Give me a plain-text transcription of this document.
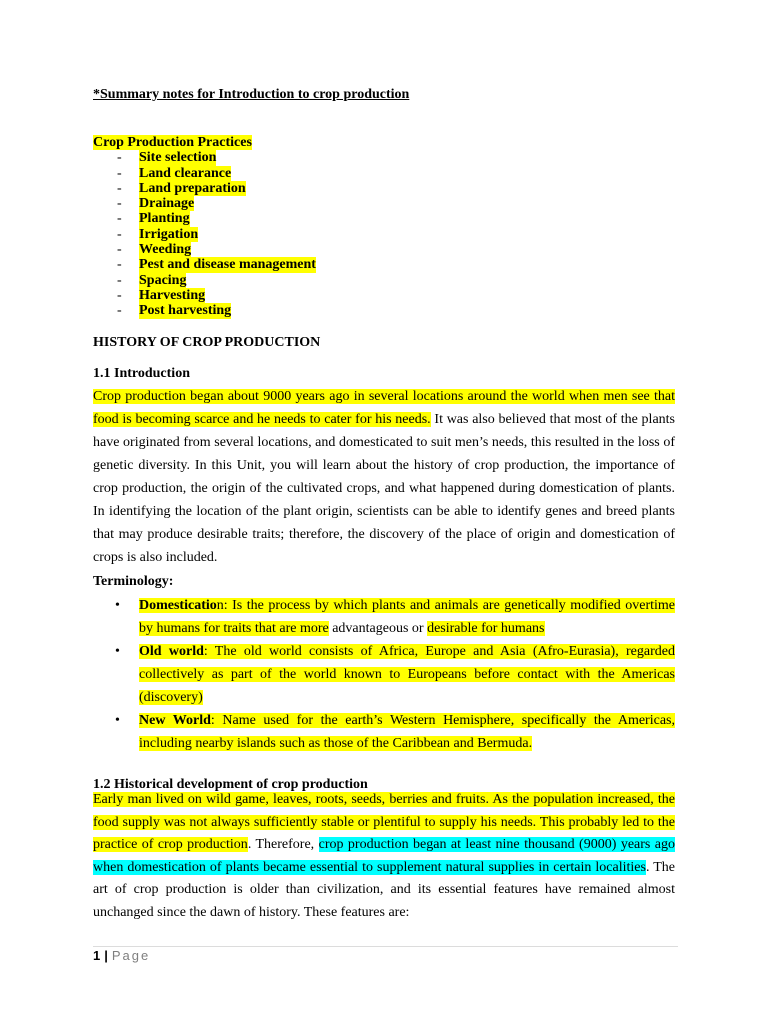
*Summary notes for Introduction to crop production
Crop Production Practices
-	Site selection
-	Land clearance
-	Land preparation
-	Drainage
-	Planting
-	Irrigation
-	Weeding
-	Pest and disease management
-	Spacing
-	Harvesting
-	Post harvesting
HISTORY OF CROP PRODUCTION
1.1 Introduction
Crop production began about 9000 years ago in several locations around the world when men see that food is becoming scarce and he needs to cater for his needs. It was also believed that most of the plants have originated from several locations, and domesticated to suit men’s needs, this resulted in the loss of genetic diversity. In this Unit, you will learn about the history of crop production, the importance of crop production, the origin of the cultivated crops, and what happened during domestication of plants. In identifying the location of the plant origin, scientists can be able to identify genes and breed plants that may produce desirable traits; therefore, the discovery of the place of origin and domestication of crops is also included.
Terminology:
• Domestication: Is the process by which plants and animals are genetically modified overtime by humans for traits that are more advantageous or desirable for humans
• Old world: The old world consists of Africa, Europe and Asia (Afro-Eurasia), regarded collectively as part of the world known to Europeans before contact with the Americas (discovery)
• New World: Name used for the earth’s Western Hemisphere, specifically the Americas, including nearby islands such as those of the Caribbean and Bermuda.
1.2 Historical development of crop production
Early man lived on wild game, leaves, roots, seeds, berries and fruits. As the population increased, the food supply was not always sufficiently stable or plentiful to supply his needs. This probably led to the practice of crop production. Therefore, crop production began at least nine thousand (9000) years ago when domestication of plants became essential to supplement natural supplies in certain localities. The art of crop production is older than civilization, and its essential features have remained almost unchanged since the dawn of history. These features are:
1 | Page
